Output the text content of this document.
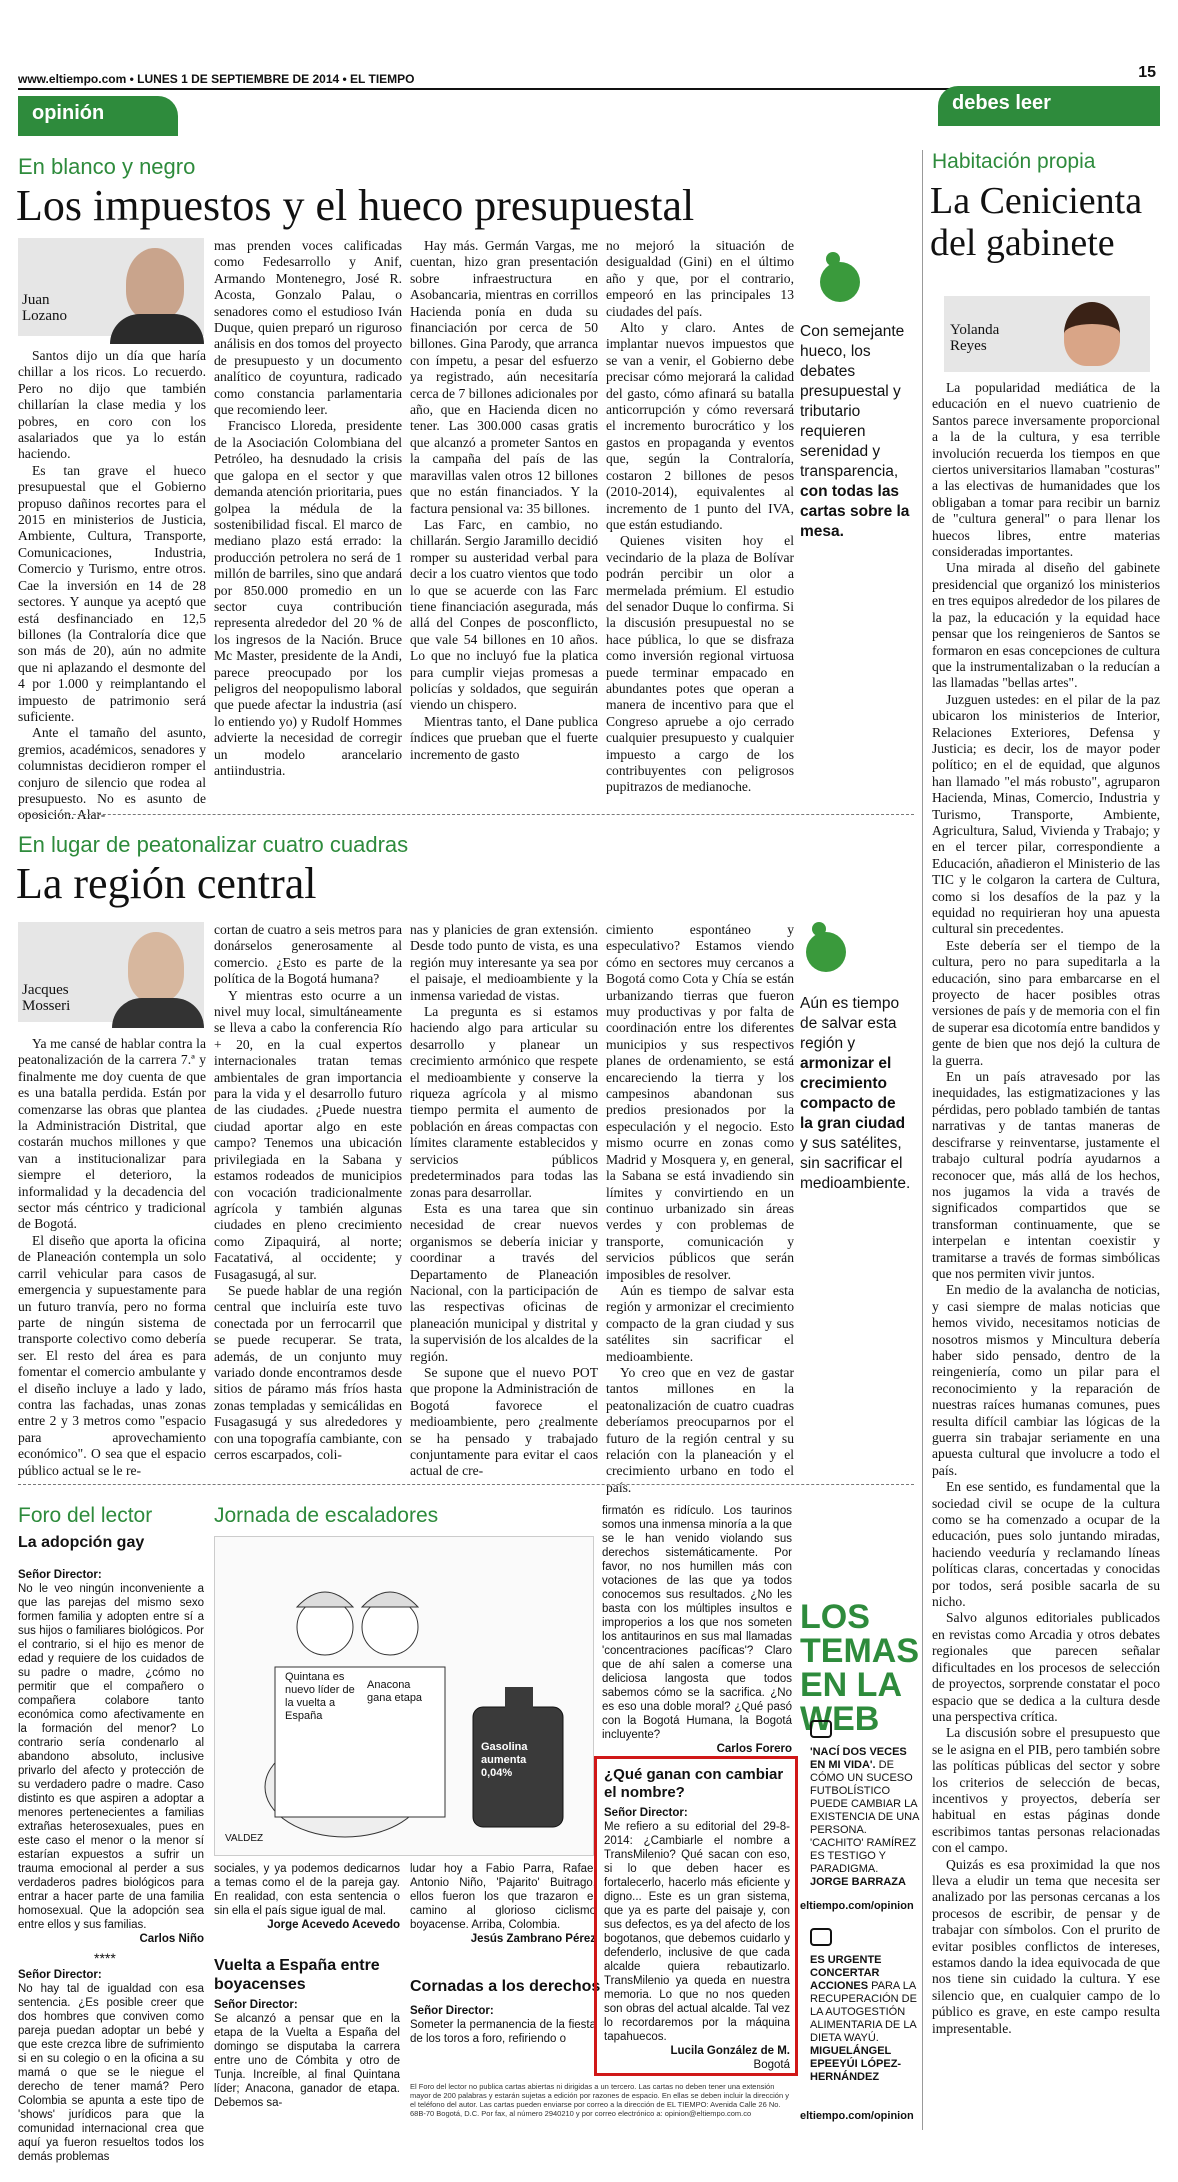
www.eltiempo.com • LUNES 1 DE SEPTIEMBRE DE 2014 • EL TIEMPO	15
opinión	debes leer
En blanco y negro
Los impuestos y el hueco presupuestal
Juan Lozano

Santos dijo un día que haría chillar a los ricos. Lo recuerdo. Pero no dijo que también chillarían la clase media y los pobres, en coro con los asalariados que ya lo están haciendo.

Es tan grave el hueco presupuestal que el Gobierno propuso dañinos recortes para el 2015 en ministerios de Justicia, Ambiente, Cultura, Transporte, Comunicaciones, Industria, Comercio y Turismo, entre otros. Cae la inversión en 14 de 28 sectores. Y aunque ya aceptó que está desfinanciado en 12,5 billones (la Contraloría dice que son más de 20), aún no admite que ni aplazando el desmonte del 4 por 1.000 y reimplantando el impuesto de patrimonio será suficiente.

Ante el tamaño del asunto, gremios, académicos, senadores y columnistas decidieron romper el conjuro de silencio que rodea al presupuesto. No es asunto de oposición. Alar-

mas prenden voces calificadas como Fedesarrollo y Anif, Armando Montenegro, José R. Acosta, Gonzalo Palau, o senadores como el estudioso Iván Duque, quien preparó un riguroso análisis en dos tomos del proyecto de presupuesto y un documento analítico de coyuntura, radicado como constancia parlamentaria que recomiendo leer.

Francisco Lloreda, presidente de la Asociación Colombiana del Petróleo, ha desnudado la crisis que galopa en el sector y que demanda atención prioritaria, pues golpea la médula de la sostenibilidad fiscal. El marco de mediano plazo está errado: la producción petrolera no será de 1 millón de barriles, sino que andará por 850.000 promedio en un sector cuya contribución representa alrededor del 20 % de los ingresos de la Nación. Bruce Mc Master, presidente de la Andi, parece preocupado por los peligros del neopopulismo laboral que puede afectar la industria (así lo entiendo yo) y Rudolf Hommes advierte la necesidad de corregir un modelo arancelario antiindustria.

Hay más. Germán Vargas, me cuentan, hizo gran presentación sobre infraestructura en Asobancaria, mientras en corrillos Hacienda ponía en duda su financiación por cerca de 50 billones. Gina Parody, que arranca con ímpetu, a pesar del esfuerzo ya registrado, aún necesitaría cerca de 7 billones adicionales por año, que en Hacienda dicen no tener. Las 300.000 casas gratis que alcanzó a prometer Santos en la campaña del país de las maravillas valen otros 12 billones que no están financiados. Y la factura pensional va: 35 billones.

Las Farc, en cambio, no chillarán. Sergio Jaramillo decidió romper su austeridad verbal para decir a los cuatro vientos que todo lo que se acuerde con las Farc tiene financiación asegurada, más allá del Conpes de posconflicto, que vale 54 billones en 10 años. Lo que no incluyó fue la platica para cumplir viejas promesas a policías y soldados, que seguirán viendo un chispero.

Mientras tanto, el Dane publica índices que prueban que el fuerte incremento de gasto

no mejoró la situación de desigualdad (Gini) en el último año y que, por el contrario, empeoró en las principales 13 ciudades del país.

Alto y claro. Antes de implantar nuevos impuestos que se van a venir, el Gobierno debe precisar cómo mejorará la calidad del gasto, cómo afinará su batalla anticorrupción y cómo reversará el incremento burocrático y los gastos en propaganda y eventos que, según la Contraloría, costaron 2 billones de pesos (2010-2014), equivalentes al incremento de 1 punto del IVA, que están estudiando.

Quienes visiten hoy el vecindario de la plaza de Bolívar podrán percibir un olor a mermelada prémium. El estudio del senador Duque lo confirma. Si la discusión presupuestal no se hace pública, lo que se disfraza como inversión regional virtuosa puede terminar empacado en abundantes potes que operan a manera de incentivo para que el Congreso apruebe a ojo cerrado cualquier presupuesto y cualquier impuesto a cargo de los contribuyentes con peligrosos pupitrazos de medianoche.

Con semejante hueco, los debates presupuestal y tributario requieren serenidad y transparencia, con todas las cartas sobre la mesa.
En lugar de peatonalizar cuatro cuadras
La región central
Jacques Mosseri

Ya me cansé de hablar contra la peatonalización de la carrera 7.ª y finalmente me doy cuenta de que es una batalla perdida. Están por comenzarse las obras que plantea la Administración Distrital, que costarán muchos millones y que van a institucionalizar para siempre el deterioro, la informalidad y la decadencia del sector más céntrico y tradicional de Bogotá.

El diseño que aporta la oficina de Planeación contempla un solo carril vehicular para casos de emergencia y supuestamente para un futuro tranvía, pero no forma parte de ningún sistema de transporte colectivo como debería ser. El resto del área es para fomentar el comercio ambulante y el diseño incluye a lado y lado, contra las fachadas, unas zonas entre 2 y 3 metros como "espacio para aprovechamiento económico". O sea que el espacio público actual se le re-

cortan de cuatro a seis metros para donárselos generosamente al comercio. ¿Esto es parte de la política de la Bogotá humana?

Y mientras esto ocurre a un nivel muy local, simultáneamente se lleva a cabo la conferencia Río + 20, en la cual expertos internacionales tratan temas ambientales de gran importancia para la vida y el desarrollo futuro de las ciudades. ¿Puede nuestra ciudad aportar algo en este campo? Tenemos una ubicación privilegiada en la Sabana y estamos rodeados de municipios con vocación tradicionalmente agrícola y también algunas ciudades en pleno crecimiento como Zipaquirá, al norte; Facatativá, al occidente; y Fusagasugá, al sur.

Se puede hablar de una región central que incluiría este tuvo conectada por un ferrocarril que se puede recuperar. Se trata, además, de un conjunto muy variado donde encontramos desde sitios de páramo más fríos hasta zonas templadas y semicálidas en Fusagasugá y sus alrededores y con una topografía cambiante, con cerros escarpados, coli-

nas y planicies de gran extensión. Desde todo punto de vista, es una región muy interesante ya sea por el paisaje, el medioambiente y la inmensa variedad de vistas.

La pregunta es si estamos haciendo algo para articular su desarrollo y planear un crecimiento armónico que respete el medioambiente y conserve la riqueza agrícola y al mismo tiempo permita el aumento de población en áreas compactas con límites claramente establecidos y servicios públicos predeterminados para todas las zonas para desarrollar.

Esta es una tarea que sin necesidad de crear nuevos organismos se debería iniciar y coordinar a través del Departamento de Planeación Nacional, con la participación de las respectivas oficinas de planeación municipal y distrital y la supervisión de los alcaldes de la región.

Se supone que el nuevo POT que propone la Administración de Bogotá favorece el medioambiente, pero ¿realmente se ha pensado y trabajado conjuntamente para evitar el caos actual de cre-

cimiento espontáneo y especulativo? Estamos viendo cómo en sectores muy cercanos a Bogotá como Cota y Chía se están urbanizando tierras que fueron muy productivas y por falta de coordinación entre los diferentes municipios y sus respectivos planes de ordenamiento, se está encareciendo la tierra y los campesinos abandonan sus predios presionados por la especulación y el negocio. Esto mismo ocurre en zonas como Madrid y Mosquera y, en general, la Sabana se está invadiendo sin límites y convirtiendo en un continuo urbanizado sin áreas verdes y con problemas de transporte, comunicación y servicios públicos que serán imposibles de resolver.

Aún es tiempo de salvar esta región y armonizar el crecimiento compacto de la gran ciudad y sus satélites sin sacrificar el medioambiente.

Yo creo que en vez de gastar tantos millones en la peatonalización de cuatro cuadras deberíamos preocuparnos por el futuro de la región central y su relación con la planeación y el crecimiento urbano en todo el país.

Aún es tiempo de salvar esta región y armonizar el crecimiento compacto de la gran ciudad y sus satélites, sin sacrificar el medioambiente.
Habitación propia
La Cenicienta del gabinete
Yolanda Reyes

La popularidad mediática de la educación en el nuevo cuatrienio de Santos parece inversamente proporcional a la de la cultura, y esa terrible involución recuerda los tiempos en que ciertos universitarios llamaban "costuras" a las electivas de humanidades que los obligaban a tomar para recibir un barniz de "cultura general" o para llenar los huecos libres, entre materias consideradas importantes.

Una mirada al diseño del gabinete presidencial que organizó los ministerios en tres equipos alrededor de los pilares de la paz, la educación y la equidad hace pensar que los reingenieros de Santos se formaron en esas concepciones de cultura que la instrumentalizaban o la reducían a las llamadas "bellas artes".

Juzguen ustedes: en el pilar de la paz ubicaron los ministerios de Interior, Relaciones Exteriores, Defensa y Justicia; es decir, los de mayor poder político; en el de equidad, que algunos han llamado "el más robusto", agruparon Hacienda, Minas, Comercio, Industria y Turismo, Transporte, Ambiente, Agricultura, Salud, Vivienda y Trabajo; y en el tercer pilar, correspondiente a Educación, añadieron el Ministerio de las TIC y le colgaron la cartera de Cultura, como si los desafíos de la paz y la equidad no requirieran hoy una apuesta cultural sin precedentes.

Este debería ser el tiempo de la cultura, pero no para supeditarla a la educación, sino para embarcarse en el proyecto de hacer posibles otras versiones de país y de memoria con el fin de superar esa dicotomía entre bandidos y gente de bien que nos dejó la cultura de la guerra.

En un país atravesado por las inequidades, las estigmatizaciones y las pérdidas, pero poblado también de tantas narrativas y de tantas maneras de descifrarse y reinventarse, justamente el trabajo cultural podría ayudarnos a reconocer que, más allá de los hechos, nos jugamos la vida a través de significados compartidos que se transforman continuamente, que se interpelan e intentan coexistir y tramitarse a través de formas simbólicas que nos permiten vivir juntos.

En medio de la avalancha de noticias, y casi siempre de malas noticias que hemos vivido, necesitamos noticias de nosotros mismos y Mincultura debería haber sido pensado, dentro de la reingeniería, como un pilar para el reconocimiento y la reparación de nuestras raíces humanas comunes, pues resulta difícil cambiar las lógicas de la guerra sin trabajar seriamente en una apuesta cultural que involucre a todo el país.

En ese sentido, es fundamental que la sociedad civil se ocupe de la cultura como se ha comenzado a ocupar de la educación, pues solo juntando miradas, haciendo veeduría y reclamando líneas políticas claras, concertadas y conocidas por todos, será posible sacarla de su nicho.

Salvo algunos editoriales publicados en revistas como Arcadia y otros debates regionales que parecen señalar dificultades en los procesos de selección de proyectos, sorprende constatar el poco espacio que se dedica a la cultura desde una perspectiva crítica.

La discusión sobre el presupuesto que se le asigna en el PIB, pero también sobre las políticas públicas del sector y sobre los criterios de selección de becas, incentivos y proyectos, debería ser habitual en estas páginas donde escribimos tantas personas relacionadas con el campo.

Quizás es esa proximidad la que nos lleva a eludir un tema que necesita ser analizado por las personas cercanas a los procesos de escribir, de pensar y de trabajar con símbolos. Con el prurito de evitar posibles conflictos de intereses, estamos dando la idea equivocada de que nos tiene sin cuidado la cultura. Y ese silencio que, en cualquier campo de lo público es grave, en este campo resulta impresentable.

Foro del lector
La adopción gay
Señor Director:
No le veo ningún inconveniente a que las parejas del mismo sexo formen familia y adopten entre sí a sus hijos o familiares biológicos. Por el contrario, si el hijo es menor de edad y requiere de los cuidados de su padre o madre, ¿cómo no permitir que el compañero o compañera colabore tanto económica como afectivamente en la formación del menor? Lo contrario sería condenarlo al abandono absoluto, inclusive privarlo del afecto y protección de su verdadero padre o madre. Caso distinto es que aspiren a adoptar a menores pertenecientes a familias extrañas heterosexuales, pues en este caso el menor o la menor sí estarían expuestos a sufrir un trauma emocional al perder a sus verdaderos padres biológicos para entrar a hacer parte de una familia homosexual. Que la adopción sea entre ellos y sus familias.
Carlos Niño
****
Señor Director:
No hay tal de igualdad con esa sentencia. ¿Es posible creer que dos hombres que conviven como pareja puedan adoptar un bebé y que este crezca libre de sufrimiento si en su colegio o en la oficina a su mamá o que se le niegue el derecho de tener mamá? Pero Colombia se apunta a este tipo de 'shows' jurídicos para que la comunidad internacional crea que aquí ya fueron resueltos todos los demás problemas
Jornada de escaladores
Quintana es nuevo líder de la vuelta a España
Anacona gana etapa
Gasolina aumenta 0,04%
VALDEZ
sociales, y ya podemos dedicarnos a temas como el de la pareja gay. En realidad, con esta sentencia o sin ella el país sigue igual de mal.
Jorge Acevedo Acevedo
Vuelta a España entre boyacenses
Señor Director:
Se alcanzó a pensar que en la etapa de la Vuelta a España del domingo se disputaba la carrera entre uno de Cómbita y otro de Tunja. Increíble, al final Quintana líder; Anacona, ganador de etapa. Debemos sa-
ludar hoy a Fabio Parra, Rafael Antonio Niño, 'Pajarito' Buitrago, ellos fueron los que trazaron el camino al glorioso ciclismo boyacense. Arriba, Colombia.
Jesús Zambrano Pérez
Cornadas a los derechos
Señor Director:
Someter la permanencia de la fiesta de los toros a foro, refiriendo o
El Foro del lector no publica cartas abiertas ni dirigidas a un tercero. Las cartas no deben tener una extensión mayor de 200 palabras y estarán sujetas a edición por razones de espacio. En ellas se deben incluir la dirección y el teléfono del autor. Las cartas pueden enviarse por correo a la dirección de EL TIEMPO: Avenida Calle 26 No. 68B-70 Bogotá, D.C. Por fax, al número 2940210 y por correo electrónico a: opinion@eltiempo.com.co
firmatón es ridículo. Los taurinos somos una inmensa minoría a la que se le han venido violando sus derechos sistemáticamente. Por favor, no nos humillen más con votaciones de las que ya todos conocemos sus resultados. ¿No les basta con los múltiples insultos e improperios a los que nos someten los antitaurinos en sus mal llamadas 'concentraciones pacíficas'? Claro que de ahí salen a comerse una deliciosa langosta que todos sabemos cómo se la sacrifica. ¿No es eso una doble moral? ¿Qué pasó con la Bogotá Humana, la Bogotá incluyente?
Carlos Forero
¿Qué ganan con cambiar el nombre?
Señor Director:
Me refiero a su editorial del 29-8-2014: ¿Cambiarle el nombre a TransMilenio? Qué sacan con eso, si lo que deben hacer es fortalecerlo, hacerlo más eficiente y digno... Este es un gran sistema, que ya es parte del paisaje y, con sus defectos, es ya del afecto de los bogotanos, que debemos cuidarlo y defenderlo, inclusive de que cada alcalde quiera rebautizarlo. TransMilenio ya queda en nuestra memoria. Lo que no nos queden son obras del actual alcalde. Tal vez lo recordaremos por la máquina tapahuecos.
Lucila González de M.
Bogotá
LOS TEMAS EN LA WEB
'NACÍ DOS VECES EN MI VIDA'. DE CÓMO UN SUCESO FUTBOLÍSTICO PUEDE CAMBIAR LA EXISTENCIA DE UNA PERSONA. 'CACHITO' RAMÍREZ ES TESTIGO Y PARADIGMA.
JORGE BARRAZA
eltiempo.com/opinion
ES URGENTE CONCERTAR ACCIONES PARA LA RECUPERACIÓN DE LA AUTOGESTIÓN ALIMENTARIA DE LA DIETA WAYÚ.
MIGUELÁNGEL EPEEYÚI LÓPEZ-HERNÁNDEZ
eltiempo.com/opinion
